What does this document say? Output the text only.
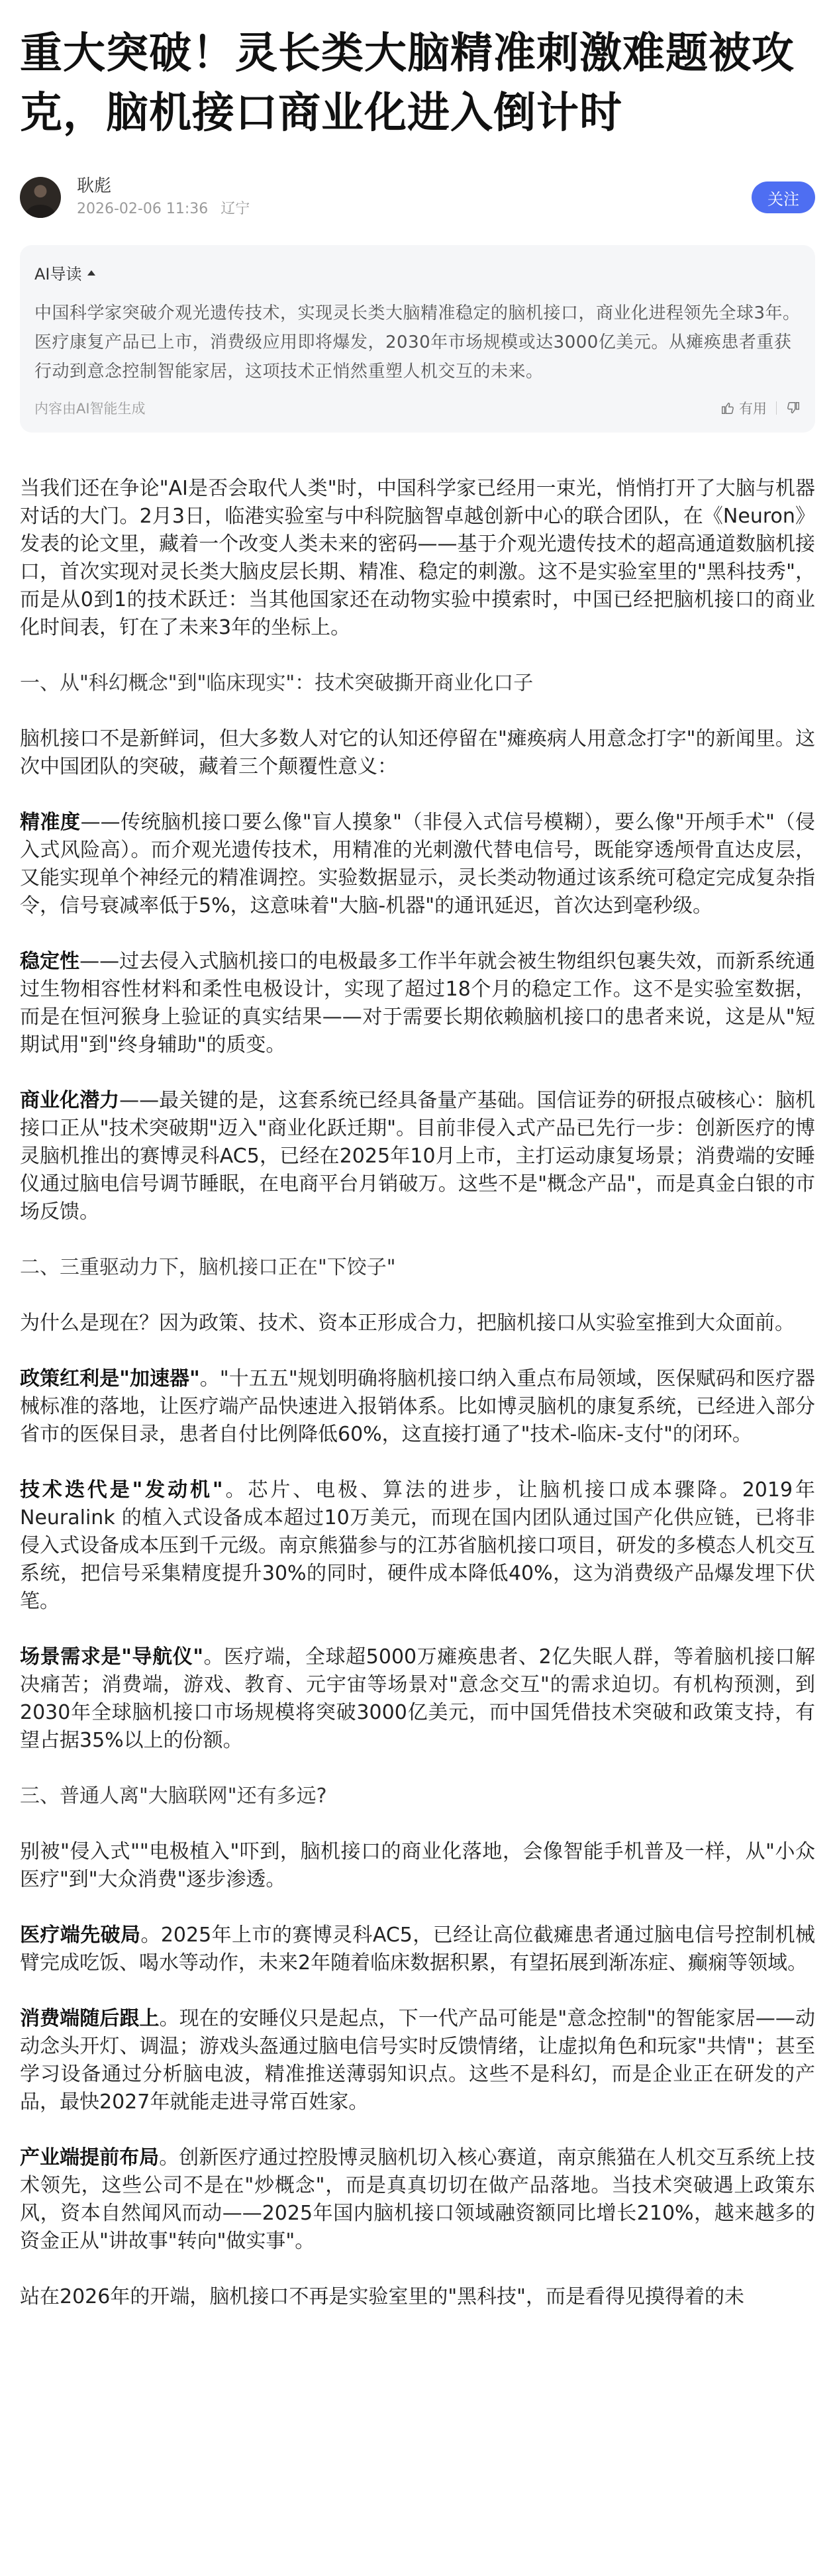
重大突破！灵长类大脑精准刺激难题被攻克，脑机接口商业化进入倒计时
耿彪
2026-02-06 11:36 辽宁
关注
AI导读
中国科学家突破介观光遗传技术，实现灵长类大脑精准稳定的脑机接口，商业化进程领先全球3年。医疗康复产品已上市，消费级应用即将爆发，2030年市场规模或达3000亿美元。从瘫痪患者重获行动到意念控制智能家居，这项技术正悄然重塑人机交互的未来。
内容由AI智能生成	有用

当我们还在争论"AI是否会取代人类"时，中国科学家已经用一束光，悄悄打开了大脑与机器对话的大门。2月3日，临港实验室与中科院脑智卓越创新中心的联合团队，在《Neuron》发表的论文里，藏着一个改变人类未来的密码——基于介观光遗传技术的超高通道数脑机接口，首次实现对灵长类大脑皮层长期、精准、稳定的刺激。这不是实验室里的"黑科技秀"，而是从0到1的技术跃迁：当其他国家还在动物实验中摸索时，中国已经把脑机接口的商业化时间表，钉在了未来3年的坐标上。

一、从"科幻概念"到"临床现实"：技术突破撕开商业化口子

脑机接口不是新鲜词，但大多数人对它的认知还停留在"瘫痪病人用意念打字"的新闻里。这次中国团队的突破，藏着三个颠覆性意义：

精准度——传统脑机接口要么像"盲人摸象"（非侵入式信号模糊），要么像"开颅手术"（侵入式风险高）。而介观光遗传技术，用精准的光刺激代替电信号，既能穿透颅骨直达皮层，又能实现单个神经元的精准调控。实验数据显示，灵长类动物通过该系统可稳定完成复杂指令，信号衰减率低于5%，这意味着"大脑-机器"的通讯延迟，首次达到毫秒级。

稳定性——过去侵入式脑机接口的电极最多工作半年就会被生物组织包裹失效，而新系统通过生物相容性材料和柔性电极设计，实现了超过18个月的稳定工作。这不是实验室数据，而是在恒河猴身上验证的真实结果——对于需要长期依赖脑机接口的患者来说，这是从"短期试用"到"终身辅助"的质变。

商业化潜力——最关键的是，这套系统已经具备量产基础。国信证券的研报点破核心：脑机接口正从"技术突破期"迈入"商业化跃迁期"。目前非侵入式产品已先行一步：创新医疗的博灵脑机推出的赛博灵科AC5，已经在2025年10月上市，主打运动康复场景；消费端的安睡仪通过脑电信号调节睡眠，在电商平台月销破万。这些不是"概念产品"，而是真金白银的市场反馈。

二、三重驱动力下，脑机接口正在"下饺子"

为什么是现在？因为政策、技术、资本正形成合力，把脑机接口从实验室推到大众面前。

政策红利是"加速器"。"十五五"规划明确将脑机接口纳入重点布局领域，医保赋码和医疗器械标准的落地，让医疗端产品快速进入报销体系。比如博灵脑机的康复系统，已经进入部分省市的医保目录，患者自付比例降低60%，这直接打通了"技术-临床-支付"的闭环。

技术迭代是"发动机"。芯片、电极、算法的进步，让脑机接口成本骤降。2019年Neuralink 的植入式设备成本超过10万美元，而现在国内团队通过国产化供应链，已将非侵入式设备成本压到千元级。南京熊猫参与的江苏省脑机接口项目，研发的多模态人机交互系统，把信号采集精度提升30%的同时，硬件成本降低40%，这为消费级产品爆发埋下伏笔。

场景需求是"导航仪"。医疗端，全球超5000万瘫痪患者、2亿失眠人群，等着脑机接口解决痛苦；消费端，游戏、教育、元宇宙等场景对"意念交互"的需求迫切。有机构预测，到2030年全球脑机接口市场规模将突破3000亿美元，而中国凭借技术突破和政策支持，有望占据35%以上的份额。

三、普通人离"大脑联网"还有多远?

别被"侵入式""电极植入"吓到，脑机接口的商业化落地，会像智能手机普及一样，从"小众医疗"到"大众消费"逐步渗透。

医疗端先破局。2025年上市的赛博灵科AC5，已经让高位截瘫患者通过脑电信号控制机械臂完成吃饭、喝水等动作，未来2年随着临床数据积累，有望拓展到渐冻症、癫痫等领域。

消费端随后跟上。现在的安睡仪只是起点，下一代产品可能是"意念控制"的智能家居——动动念头开灯、调温；游戏头盔通过脑电信号实时反馈情绪，让虚拟角色和玩家"共情"；甚至学习设备通过分析脑电波，精准推送薄弱知识点。这些不是科幻，而是企业正在研发的产品，最快2027年就能走进寻常百姓家。

产业端提前布局。创新医疗通过控股博灵脑机切入核心赛道，南京熊猫在人机交互系统上技术领先，这些公司不是在"炒概念"，而是真真切切在做产品落地。当技术突破遇上政策东风，资本自然闻风而动——2025年国内脑机接口领域融资额同比增长210%，越来越多的资金正从"讲故事"转向"做实事"。

站在2026年的开端，脑机接口不再是实验室里的"黑科技"，而是看得见摸得着的未
